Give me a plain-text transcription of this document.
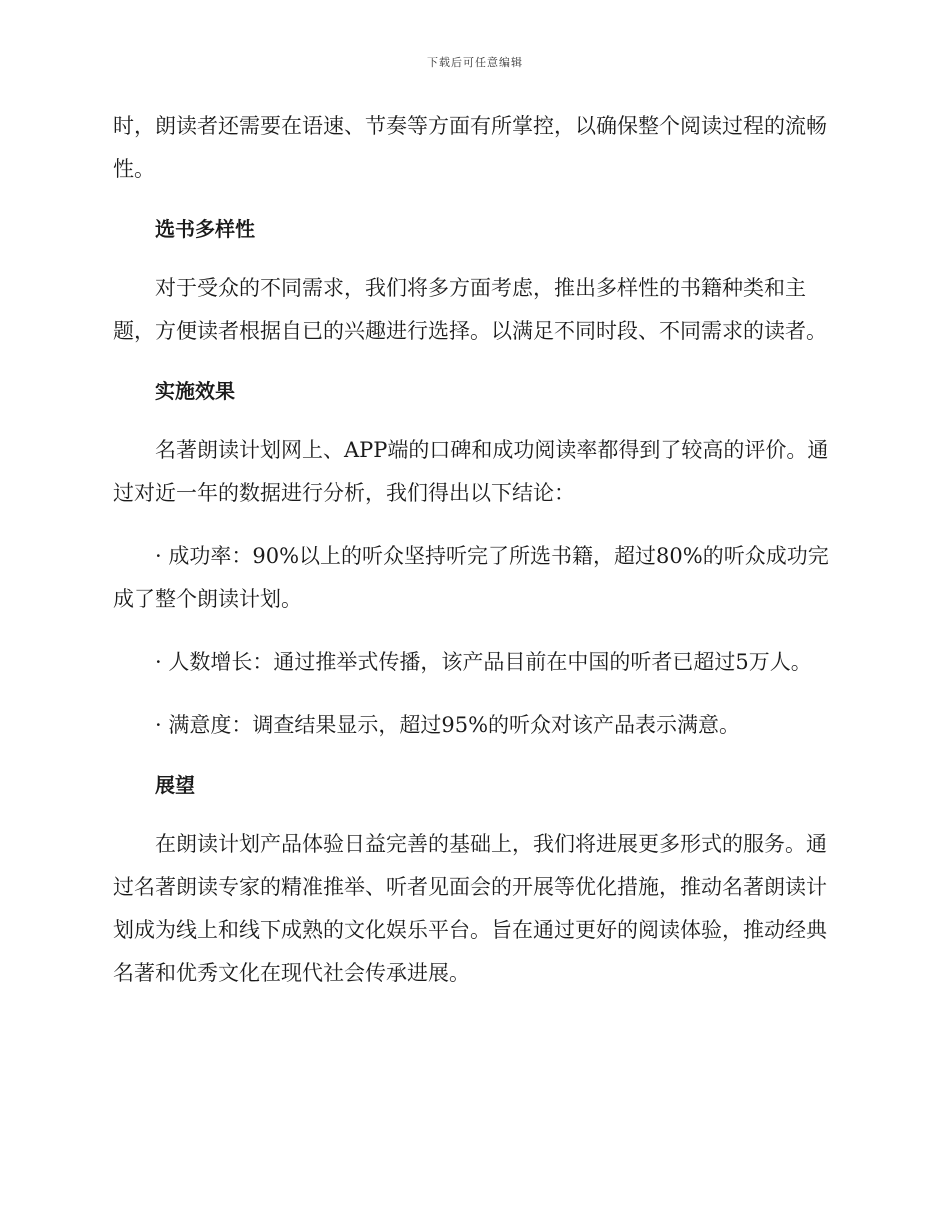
下载后可任意编辑

时，朗读者还需要在语速、节奏等方面有所掌控，以确保整个阅读过程的流畅性。

选书多样性

对于受众的不同需求，我们将多方面考虑，推出多样性的书籍种类和主题，方便读者根据自已的兴趣进行选择。以满足不同时段、不同需求的读者。

实施效果

名著朗读计划网上、APP端的口碑和成功阅读率都得到了较高的评价。通过对近一年的数据进行分析，我们得出以下结论：

· 成功率：90%以上的听众坚持听完了所选书籍，超过80%的听众成功完成了整个朗读计划。

· 人数增长：通过推举式传播，该产品目前在中国的听者已超过5万人。

· 满意度：调查结果显示，超过95%的听众对该产品表示满意。

展望

在朗读计划产品体验日益完善的基础上，我们将进展更多形式的服务。通过名著朗读专家的精准推举、听者见面会的开展等优化措施，推动名著朗读计划成为线上和线下成熟的文化娱乐平台。旨在通过更好的阅读体验，推动经典名著和优秀文化在现代社会传承进展。
